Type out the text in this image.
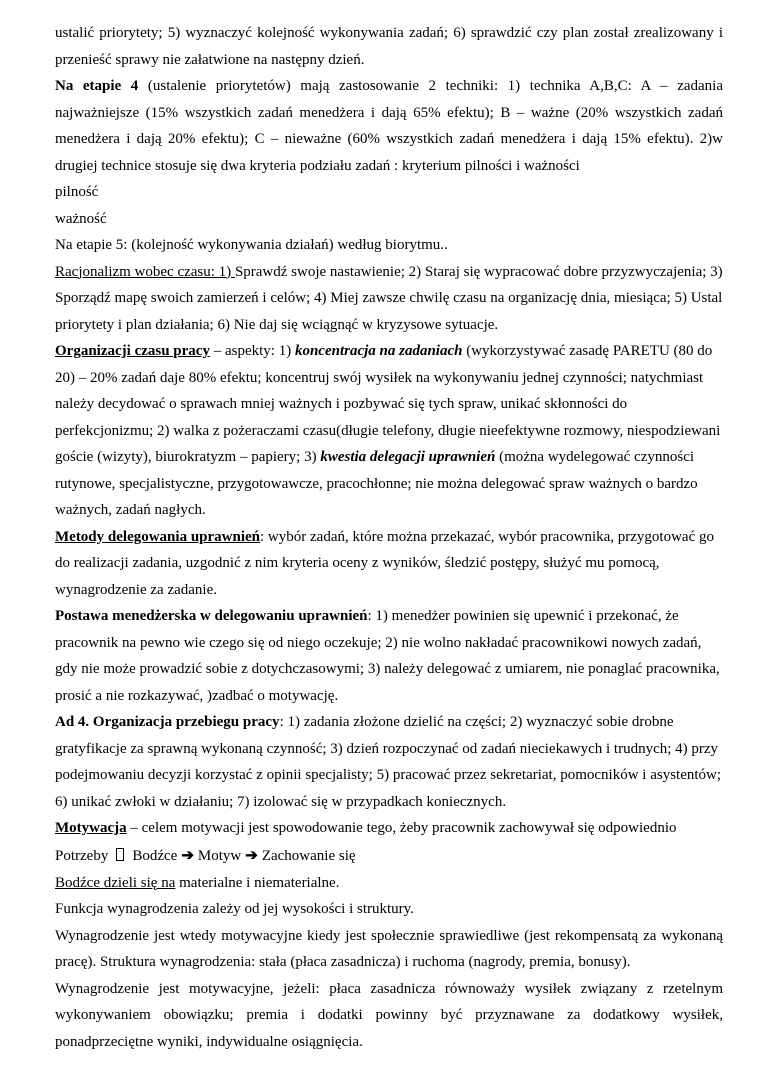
ustalić priorytety; 5) wyznaczyć kolejność wykonywania zadań; 6) sprawdzić czy plan został zrealizowany i przenieść sprawy nie załatwione na następny dzień.

Na etapie 4 (ustalenie priorytetów) mają zastosowanie 2 techniki: 1) technika A,B,C: A – zadania najważniejsze (15% wszystkich zadań menedżera i dają 65% efektu); B – ważne (20% wszystkich zadań menedżera i dają 20% efektu); C – nieważne (60% wszystkich zadań menedżera i dają 15% efektu). 2)w drugiej technice stosuje się dwa kryteria podziału zadań : kryterium pilności i ważności

pilność

ważność

Na etapie 5: (kolejność wykonywania działań) według biorytmu..

Racjonalizm wobec czasu: 1) Sprawdź swoje nastawienie; 2) Staraj się wypracować dobre przyzwyczajenia; 3) Sporządź mapę swoich zamierzeń i celów; 4) Miej zawsze chwilę czasu na organizację dnia, miesiąca; 5) Ustal priorytety i plan działania; 6) Nie daj się wciągnąć w kryzysowe sytuacje.

Organizacji czasu pracy – aspekty: 1) koncentracja na zadaniach (wykorzystywać zasadę PARETU (80 do 20) – 20% zadań daje 80% efektu; koncentruj swój wysiłek na wykonywaniu jednej czynności; natychmiast należy decydować o sprawach mniej ważnych i pozbywać się tych spraw, unikać skłonności do perfekcjonizmu; 2) walka z pożeraczami czasu(długie telefony, długie nieefektywne rozmowy, niespodziewani goście (wizyty), biurokratyzm – papiery; 3) kwestia delegacji uprawnień (można wydelegować czynności rutynowe, specjalistyczne, przygotowawcze, pracochłonne; nie można delegować spraw ważnych o bardzo ważnych, zadań nagłych.

Metody delegowania uprawnień: wybór zadań, które można przekazać, wybór pracownika, przygotować go do realizacji zadania, uzgodnić z nim kryteria oceny z wyników, śledzić postępy, służyć mu pomocą, wynagrodzenie za zadanie.

Postawa menedżerska w delegowaniu uprawnień: 1) menedżer powinien się upewnić i przekonać, że pracownik na pewno wie czego się od niego oczekuje; 2) nie wolno nakładać pracownikowi nowych zadań, gdy nie może prowadzić sobie z dotychczasowymi; 3) należy delegować z umiarem, nie ponaglać pracownika, prosić a nie rozkazywać, )zadbać o motywację.

Ad 4. Organizacja przebiegu pracy: 1) zadania złożone dzielić na części; 2) wyznaczyć sobie drobne gratyfikacje za sprawną wykonaną czynność; 3) dzień rozpoczynać od zadań nieciekawych i trudnych; 4) przy podejmowaniu decyzji korzystać z opinii specjalisty; 5) pracować przez sekretariat, pomocników i asystentów; 6) unikać zwłoki w działaniu; 7) izolować się w przypadkach koniecznych.

Motywacja – celem motywacji jest spowodowanie tego, żeby pracownik zachowywał się odpowiednio

Potrzeby Bodźce ➔ Motyw ➔ Zachowanie się

Bodźce dzieli się na materialne i niematerialne.

Funkcja wynagrodzenia zależy od jej wysokości i struktury.

Wynagrodzenie jest wtedy motywacyjne kiedy jest społecznie sprawiedliwe (jest rekompensatą za wykonaną pracę). Struktura wynagrodzenia: stała (płaca zasadnicza) i ruchoma (nagrody, premia, bonusy).

Wynagrodzenie jest motywacyjne, jeżeli: płaca zasadnicza równoważy wysiłek związany z rzetelnym wykonywaniem obowiązku; premia i dodatki powinny być przyznawane za dodatkowy wysiłek, ponadprzeciętne wyniki, indywidualne osiągnięcia.
